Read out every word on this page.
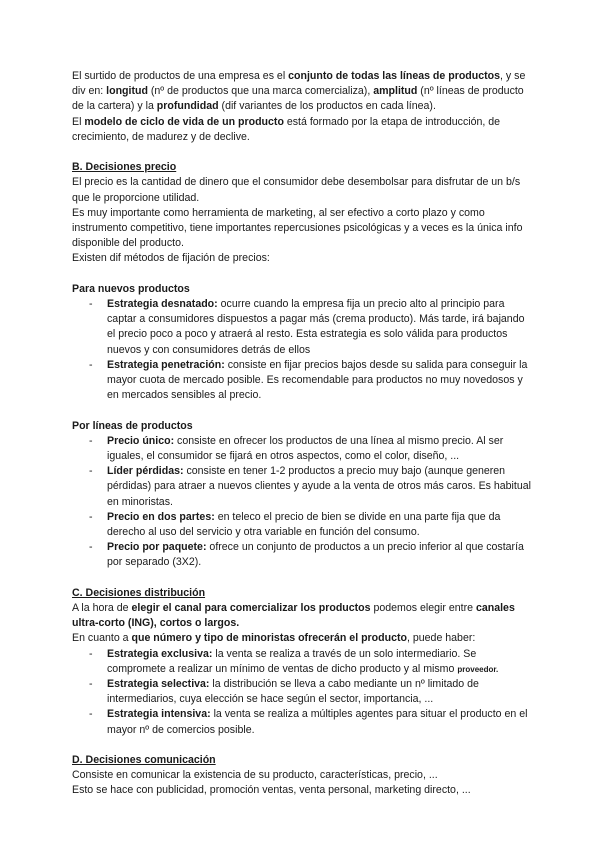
El surtido de productos de una empresa es el conjunto de todas las líneas de productos, y se div en: longitud (nº de productos que una marca comercializa), amplitud (nº líneas de producto de la cartera) y la profundidad (dif variantes de los productos en cada línea).

El modelo de ciclo de vida de un producto está formado por la etapa de introducción, de crecimiento, de madurez y de declive.

B. Decisiones precio

El precio es la cantidad de dinero que el consumidor debe desembolsar para disfrutar de un b/s que le proporcione utilidad.

Es muy importante como herramienta de marketing, al ser efectivo a corto plazo y como instrumento competitivo, tiene importantes repercusiones psicológicas y a veces es la única info disponible del producto.

Existen dif métodos de fijación de precios:

Para nuevos productos

- Estrategia desnatado: ocurre cuando la empresa fija un precio alto al principio para captar a consumidores dispuestos a pagar más (crema producto). Más tarde, irá bajando el precio poco a poco y atraerá al resto. Esta estrategia es solo válida para productos nuevos y con consumidores detrás de ellos
- Estrategia penetración: consiste en fijar precios bajos desde su salida para conseguir la mayor cuota de mercado posible. Es recomendable para productos no muy novedosos y en mercados sensibles al precio.

Por líneas de productos

- Precio único: consiste en ofrecer los productos de una línea al mismo precio. Al ser iguales, el consumidor se fijará en otros aspectos, como el color, diseño, ...
- Líder pérdidas: consiste en tener 1-2 productos a precio muy bajo (aunque generen pérdidas) para atraer a nuevos clientes y ayude a la venta de otros más caros. Es habitual en minoristas.
- Precio en dos partes: en teleco el precio de bien se divide en una parte fija que da derecho al uso del servicio y otra variable en función del consumo.
- Precio por paquete: ofrece un conjunto de productos a un precio inferior al que costaría por separado (3X2).

C. Decisiones distribución

A la hora de elegir el canal para comercializar los productos podemos elegir entre canales ultra-corto (ING), cortos o largos.

En cuanto a que número y tipo de minoristas ofrecerán el producto, puede haber:

- Estrategia exclusiva: la venta se realiza a través de un solo intermediario. Se compromete a realizar un mínimo de ventas de dicho producto y al mismo proveedor.
- Estrategia selectiva: la distribución se lleva a cabo mediante un nº limitado de intermediarios, cuya elección se hace según el sector, importancia, ...
- Estrategia intensiva: la venta se realiza a múltiples agentes para situar el producto en el mayor nº de comercios posible.

D. Decisiones comunicación

Consiste en comunicar la existencia de su producto, características, precio, ...

Esto se hace con publicidad, promoción ventas, venta personal, marketing directo, ...
